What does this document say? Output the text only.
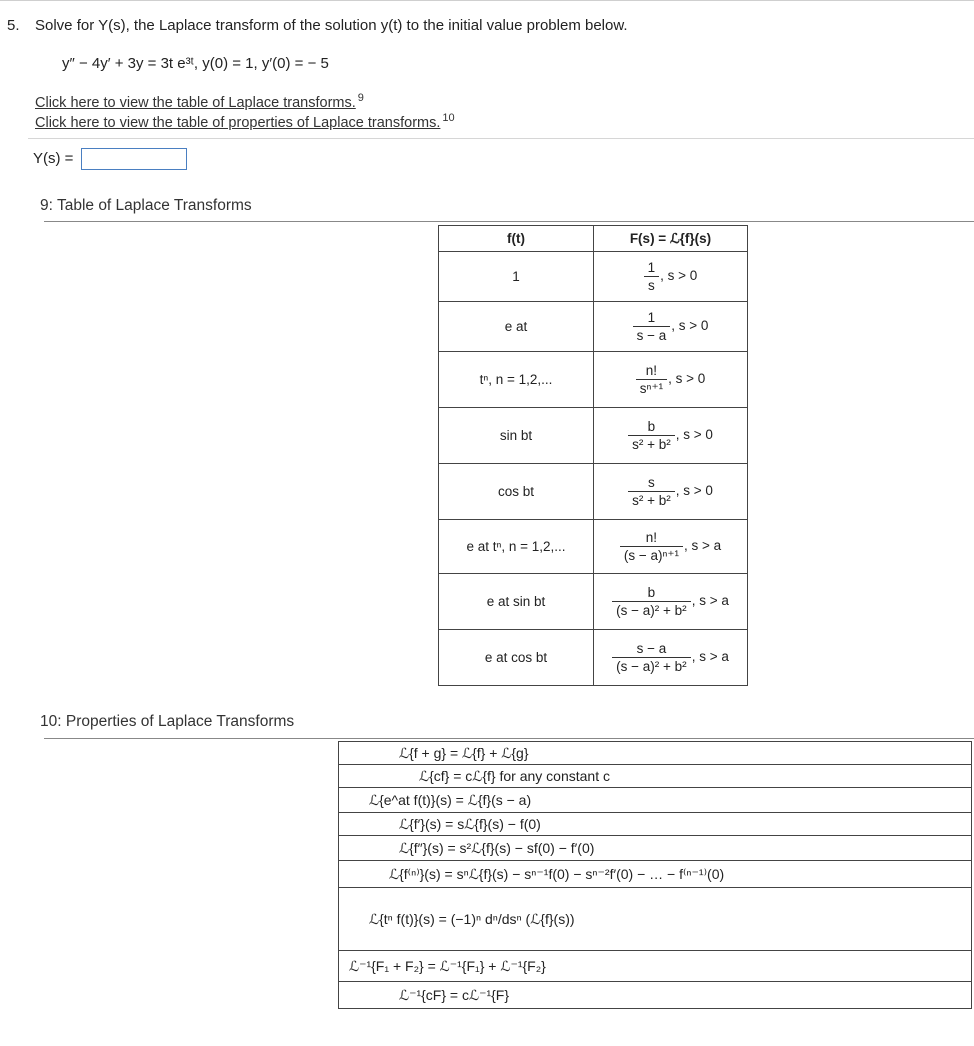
5. Solve for Y(s), the Laplace transform of the solution y(t) to the initial value problem below.
y″ − 4y′ + 3y = 3t e³ᵗ, y(0) = 1, y′(0) = − 5
Click here to view the table of Laplace transforms. $^9$
Click here to view the table of properties of Laplace transforms. $^{10}$
Y(s) =
9: Table of Laplace Transforms
f(t)	F(s) = ℒ{f}(s)
1	$\frac{1}{s}$ , s > 0
e at	$\frac{1}{s - a}$ , s > 0
tⁿ, n = 1,2,...	$\frac{n!}{\text{sⁿ⁺¹}}$ , s > 0
sin bt	$\frac{b}{\text{s² + b²}}$ , s > 0
cos bt	$\frac{s}{\text{s² + b²}}$ , s > 0
e at tⁿ, n = 1,2,...	$\frac{n!}{\text{(s − a)ⁿ⁺¹}}$ , s > a
e at sin bt	$\frac{b}{\text{(s − a)² + b²}}$ , s > a
e at cos bt	$\frac{s - a}{\text{(s − a)² + b²}}$ , s > a
10: Properties of Laplace Transforms
ℒ{f + g} = ℒ{f} + ℒ{g}
ℒ{cf} = cℒ{f} for any constant c
ℒ{e^at f(t)}(s) = ℒ{f}(s − a)
ℒ{f′}(s) = sℒ{f}(s) − f(0)
ℒ{f″}(s) = s²ℒ{f}(s) − sf(0) − f′(0)
ℒ{f⁽ⁿ⁾}(s) = sⁿℒ{f}(s) − sⁿ⁻¹f(0) − sⁿ⁻²f′(0) − … − f⁽ⁿ⁻¹⁾(0)
ℒ{tⁿ f(t)}(s) = (−1)ⁿ dⁿ/dsⁿ (ℒ{f}(s))
ℒ⁻¹{F₁ + F₂} = ℒ⁻¹{F₁} + ℒ⁻¹{F₂}
ℒ⁻¹{cF} = cℒ⁻¹{F}
